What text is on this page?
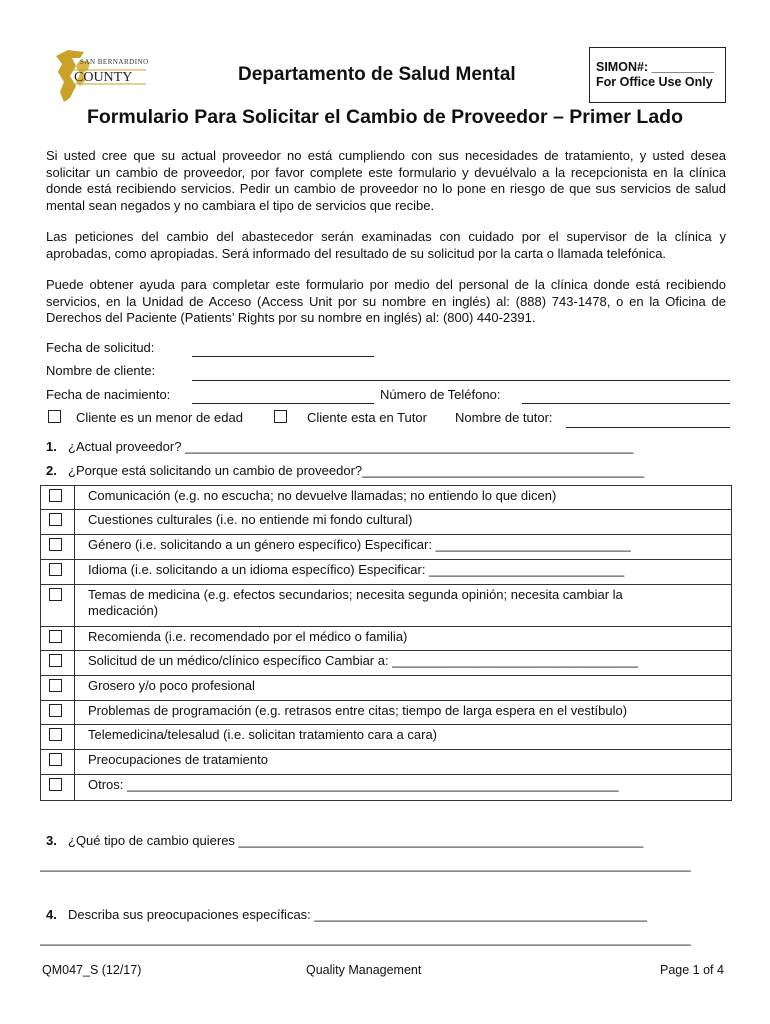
SAN BERNARDINO
COUNTY	Departamento de Salud Mental	SIMON#: _________
For Office Use Only
Formulario Para Solicitar el Cambio de Proveedor – Primer Lado
Si usted cree que su actual proveedor no está cumpliendo con sus necesidades de tratamiento, y usted desea solicitar un cambio de proveedor, por favor complete este formulario y devuélvalo a la recepcionista en la clínica donde está recibiendo servicios. Pedir un cambio de proveedor no lo pone en riesgo de que sus servicios de salud mental sean negados y no cambiara el tipo de servicios que recibe.
Las peticiones del cambio del abastecedor serán examinadas con cuidado por el supervisor de la clínica y aprobadas, como apropiadas. Será informado del resultado de su solicitud por la carta o llamada telefónica.
Puede obtener ayuda para completar este formulario por medio del personal de la clínica donde está recibiendo servicios, en la Unidad de Acceso (Access Unit por su nombre en inglés) al: (888) 743-1478, o en la Oficina de Derechos del Paciente (Patients’ Rights por su nombre en inglés) al: (800) 440-2391.
Fecha de solicitud:
Nombre de cliente:
Fecha de nacimiento:	Número de Teléfono:
Cliente es un menor de edad	Cliente esta en Tutor Nombre de tutor:
1. ¿Actual proveedor? ______________________________________________________________
2. ¿Porque está solicitando un cambio de proveedor?_______________________________________
Comunicación (e.g. no escucha; no devuelve llamadas; no entiendo lo que dicen)
Cuestiones culturales (i.e. no entiende mi fondo cultural)
Género (i.e. solicitando a un género específico) Especificar: ___________________________
Idioma (i.e. solicitando a un idioma específico) Especificar: ___________________________
Temas de medicina (e.g. efectos secundarios; necesita segunda opinión; necesita cambiar la medicación)
Recomienda (i.e. recomendado por el médico o familia)
Solicitud de un médico/clínico específico Cambiar a: __________________________________
Grosero y/o poco profesional
Problemas de programación (e.g. retrasos entre citas; tiempo de larga espera en el vestíbulo)
Telemedicina/telesalud (i.e. solicitan tratamiento cara a cara)
Preocupaciones de tratamiento
Otros: ____________________________________________________________________
3. ¿Qué tipo de cambio quieres ________________________________________________________
__________________________________________________________________________________________
4. Describa sus preocupaciones específicas: ______________________________________________
__________________________________________________________________________________________
QM047_S (12/17)	Quality Management	Page 1 of 4
